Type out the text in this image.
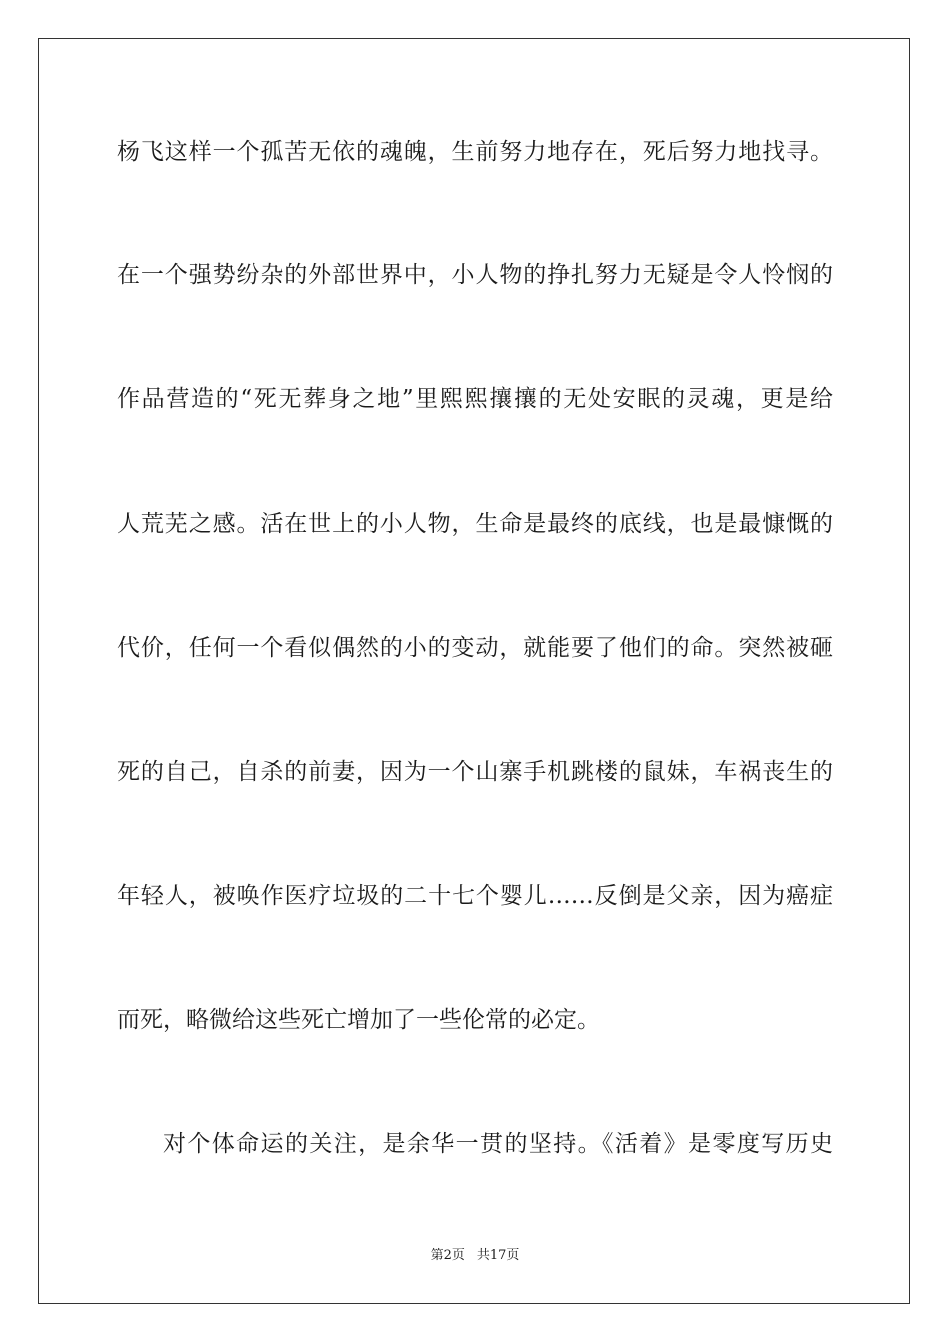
杨飞这样一个孤苦无依的魂魄，生前努力地存在，死后努力地找寻。
在一个强势纷杂的外部世界中，小人物的挣扎努力无疑是令人怜悯的
作品营造的“死无葬身之地”里熙熙攘攘的无处安眠的灵魂，更是给
人荒芜之感。活在世上的小人物，生命是最终的底线，也是最慷慨的
代价，任何一个看似偶然的小的变动，就能要了他们的命。突然被砸
死的自己，自杀的前妻，因为一个山寨手机跳楼的鼠妹，车祸丧生的
年轻人，被唤作医疗垃圾的二十七个婴儿……反倒是父亲，因为癌症
而死，略微给这些死亡增加了一些伦常的必定。
对个体命运的关注，是余华一贯的坚持。《活着》是零度写历史
第2页 共17页
